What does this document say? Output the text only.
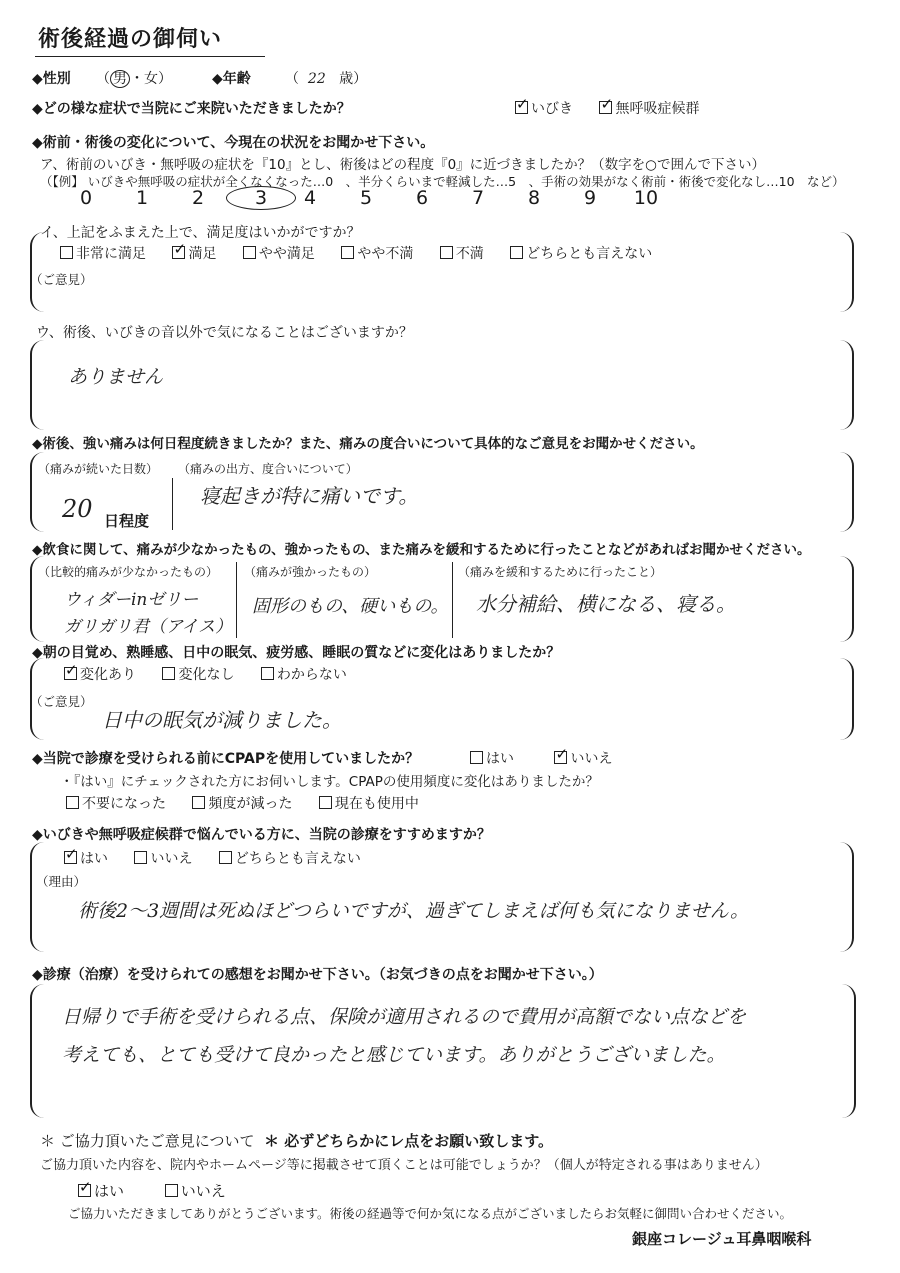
術後経過の御伺い
◆性別 （ 男 ・女）	◆年齢 （  22 歳）
◆どの様な症状で当院にご来院いただきましたか？ ✓	いびき ✓	無呼吸症候群
◆術前・術後の変化について、今現在の状況をお聞かせ下さい。
ア、術前のいびき・無呼吸の症状を『10』とし、術後はどの程度『0』に近づきましたか？（数字を○で囲んで下さい）
（【例】 いびきや無呼吸の症状が全くなくなった…0　、半分くらいまで軽減した…5　、手術の効果がなく術前・術後で変化なし…10　など）
0 1 2	3 4 5 6 7 8 9 10
イ、上記をふまえた上で、満足度はいかがですか？
非常に満足 ✓	満足	やや満足	やや不満	不満	どちらとも言えない
（ご意見）
ウ、術後、いびきの音以外で気になることはございますか？
ありません
◆術後、強い痛みは何日程度続きましたか？また、痛みの度合いについて具体的なご意見をお聞かせください。
（痛みが続いた日数）
20 日程度
（痛みの出方、度合いについて）
寝起きが特に痛いです。
◆飲食に関して、痛みが少なかったもの、強かったもの、また痛みを緩和するために行ったことなどがあればお聞かせください。
（比較的痛みが少なかったもの）
ウィダーinゼリー
ガリガリ君（アイス）
（痛みが強かったもの）
固形のもの、硬いもの。
（痛みを緩和するために行ったこと）
水分補給、横になる、寝る。
◆朝の目覚め、熟睡感、日中の眠気、疲労感、睡眠の質などに変化はありましたか？
✓変化あり	変化なし	わからない
（ご意見）
日中の眠気が減りました。
◆当院で診療を受けられる前にCPAPを使用していましたか？	はい ✓	いいえ
・『はい』にチェックされた方にお伺いします。CPAPの使用頻度に変化はありましたか？
不要になった	頻度が減った	現在も使用中
◆いびきや無呼吸症候群で悩んでいる方に、当院の診療をすすめますか？
✓はい	いいえ	どちらとも言えない
（理由）
術後2～3週間は死ぬほどつらいですが、過ぎてしまえば何も気になりません。
◆診療（治療）を受けられての感想をお聞かせ下さい。（お気づきの点をお聞かせ下さい。）
日帰りで手術を受けられる点、保険が適用されるので費用が高額でない点などを
考えても、とても受けて良かったと感じています。ありがとうございました。
＊ ご協力頂いたご意見について ＊ 必ずどちらかにレ点をお願い致します。
ご協力頂いた内容を、院内やホームページ等に掲載させて頂くことは可能でしょうか？（個人が特定される事はありません）
✓はい	いいえ
ご協力いただきましてありがとうございます。術後の経過等で何か気になる点がございましたらお気軽に御問い合わせください。
銀座コレージュ耳鼻咽喉科
